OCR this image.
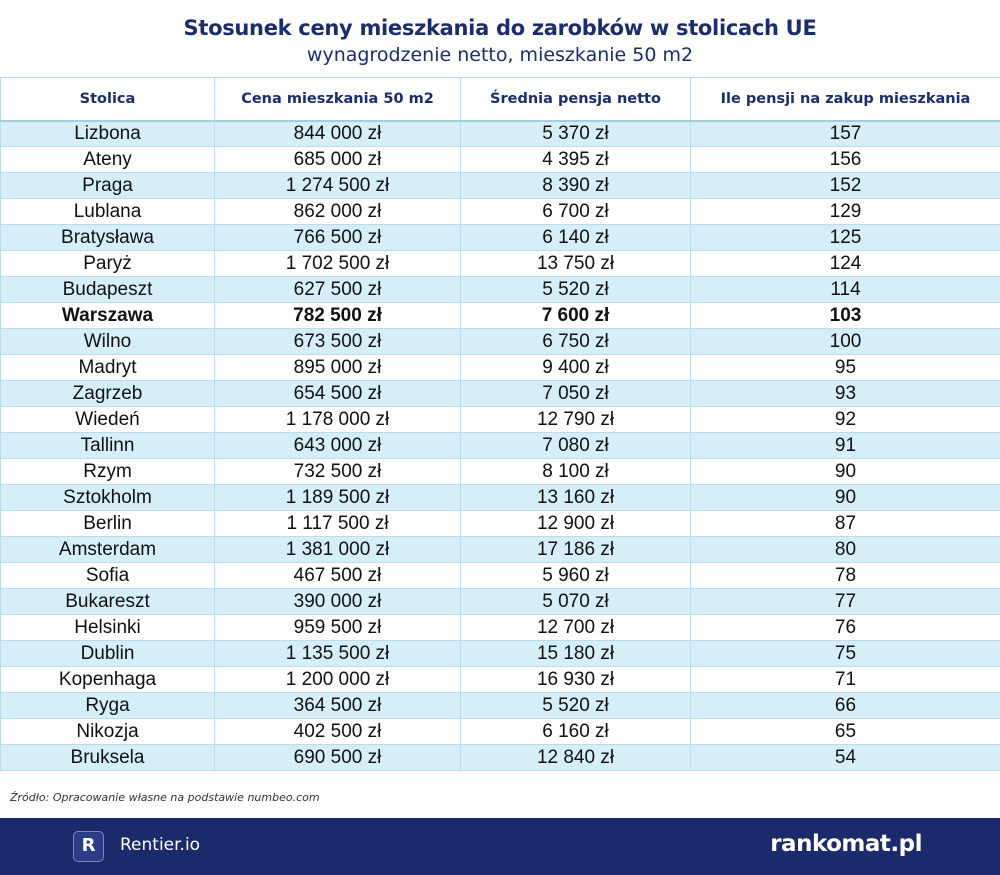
Stosunek ceny mieszkania do zarobków w stolicach UE
wynagrodzenie netto, mieszkanie 50 m2
Stolica	Cena mieszkania 50 m2	Średnia pensja netto	Ile pensji na zakup mieszkania
Lizbona	844 000 zł	5 370 zł	157
Ateny	685 000 zł	4 395 zł	156
Praga	1 274 500 zł	8 390 zł	152
Lublana	862 000 zł	6 700 zł	129
Bratysława	766 500 zł	6 140 zł	125
Paryż	1 702 500 zł	13 750 zł	124
Budapeszt	627 500 zł	5 520 zł	114
Warszawa	782 500 zł	7 600 zł	103
Wilno	673 500 zł	6 750 zł	100
Madryt	895 000 zł	9 400 zł	95
Zagrzeb	654 500 zł	7 050 zł	93
Wiedeń	1 178 000 zł	12 790 zł	92
Tallinn	643 000 zł	7 080 zł	91
Rzym	732 500 zł	8 100 zł	90
Sztokholm	1 189 500 zł	13 160 zł	90
Berlin	1 117 500 zł	12 900 zł	87
Amsterdam	1 381 000 zł	17 186 zł	80
Sofia	467 500 zł	5 960 zł	78
Bukareszt	390 000 zł	5 070 zł	77
Helsinki	959 500 zł	12 700 zł	76
Dublin	1 135 500 zł	15 180 zł	75
Kopenhaga	1 200 000 zł	16 930 zł	71
Ryga	364 500 zł	5 520 zł	66
Nikozja	402 500 zł	6 160 zł	65
Bruksela	690 500 zł	12 840 zł	54
Źródło: Opracowanie własne na podstawie numbeo.com
R	Rentier.io	rankomat.pl
